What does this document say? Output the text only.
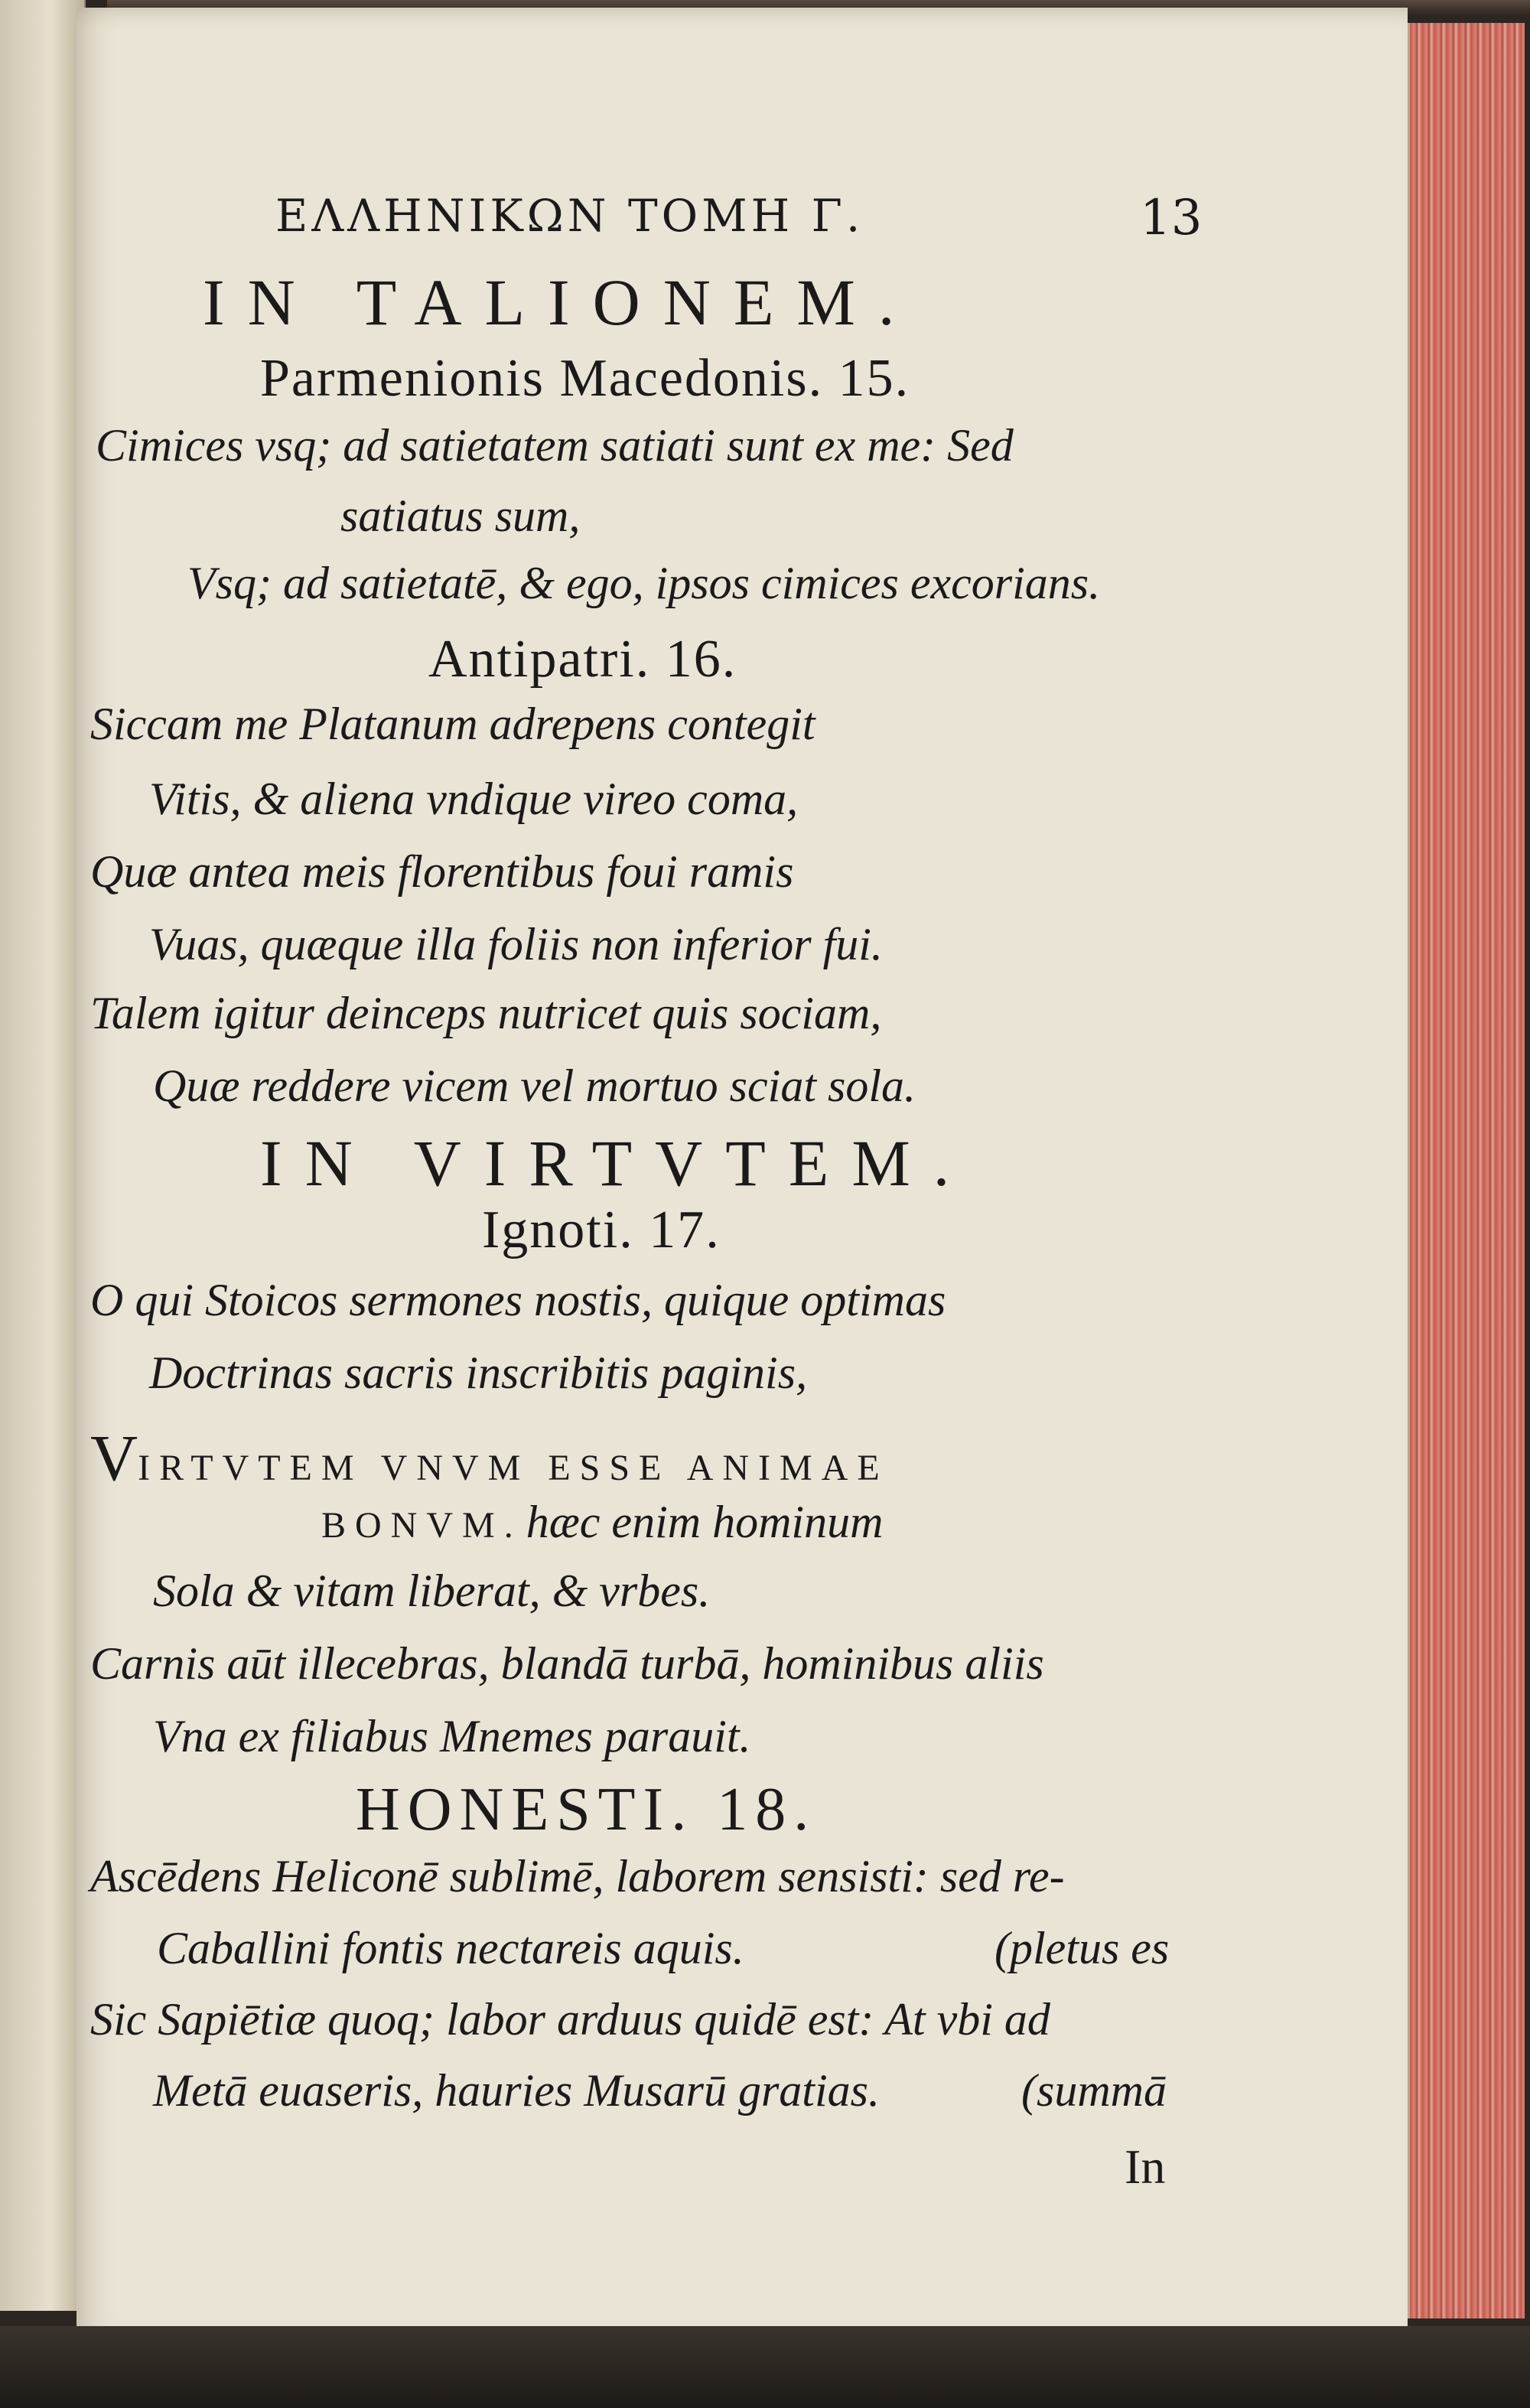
ΕΛΛΗΝΙΚΩΝ ΤΟΜΗ Γ.	13
IN TALIONEM.
Parmenionis Macedonis. 15.
Cimices vsq; ad satietatem satiati sunt ex me: Sed
satiatus sum,
Vsq; ad satietatē, & ego, ipsos cimices excorians.
Antipatri. 16.
Siccam me Platanum adrepens contegit
Vitis, & aliena vndique vireo coma,
Quæ antea meis florentibus foui ramis
Vuas, quæque illa foliis non inferior fui.
Talem igitur deinceps nutricet quis sociam,
Quæ reddere vicem vel mortuo sciat sola.
IN VIRTVTEM.
Ignoti. 17.
O qui Stoicos sermones nostis, quique optimas
Doctrinas sacris inscribitis paginis,
VIRTVTEM VNVM ESSE ANIMAE
BONVM. hæc enim hominum
Sola & vitam liberat, & vrbes.
Carnis aūt illecebras, blandā turbā, hominibus aliis
Vna ex filiabus Mnemes parauit.
HONESTI. 18.
Ascēdens Heliconē sublimē, laborem sensisti: sed re-
Caballini fontis nectareis aquis.	(pletus es
Sic Sapiētiæ quoq; labor arduus quidē est: At vbi ad
Metā euaseris, hauries Musarū gratias.	(summā
In
